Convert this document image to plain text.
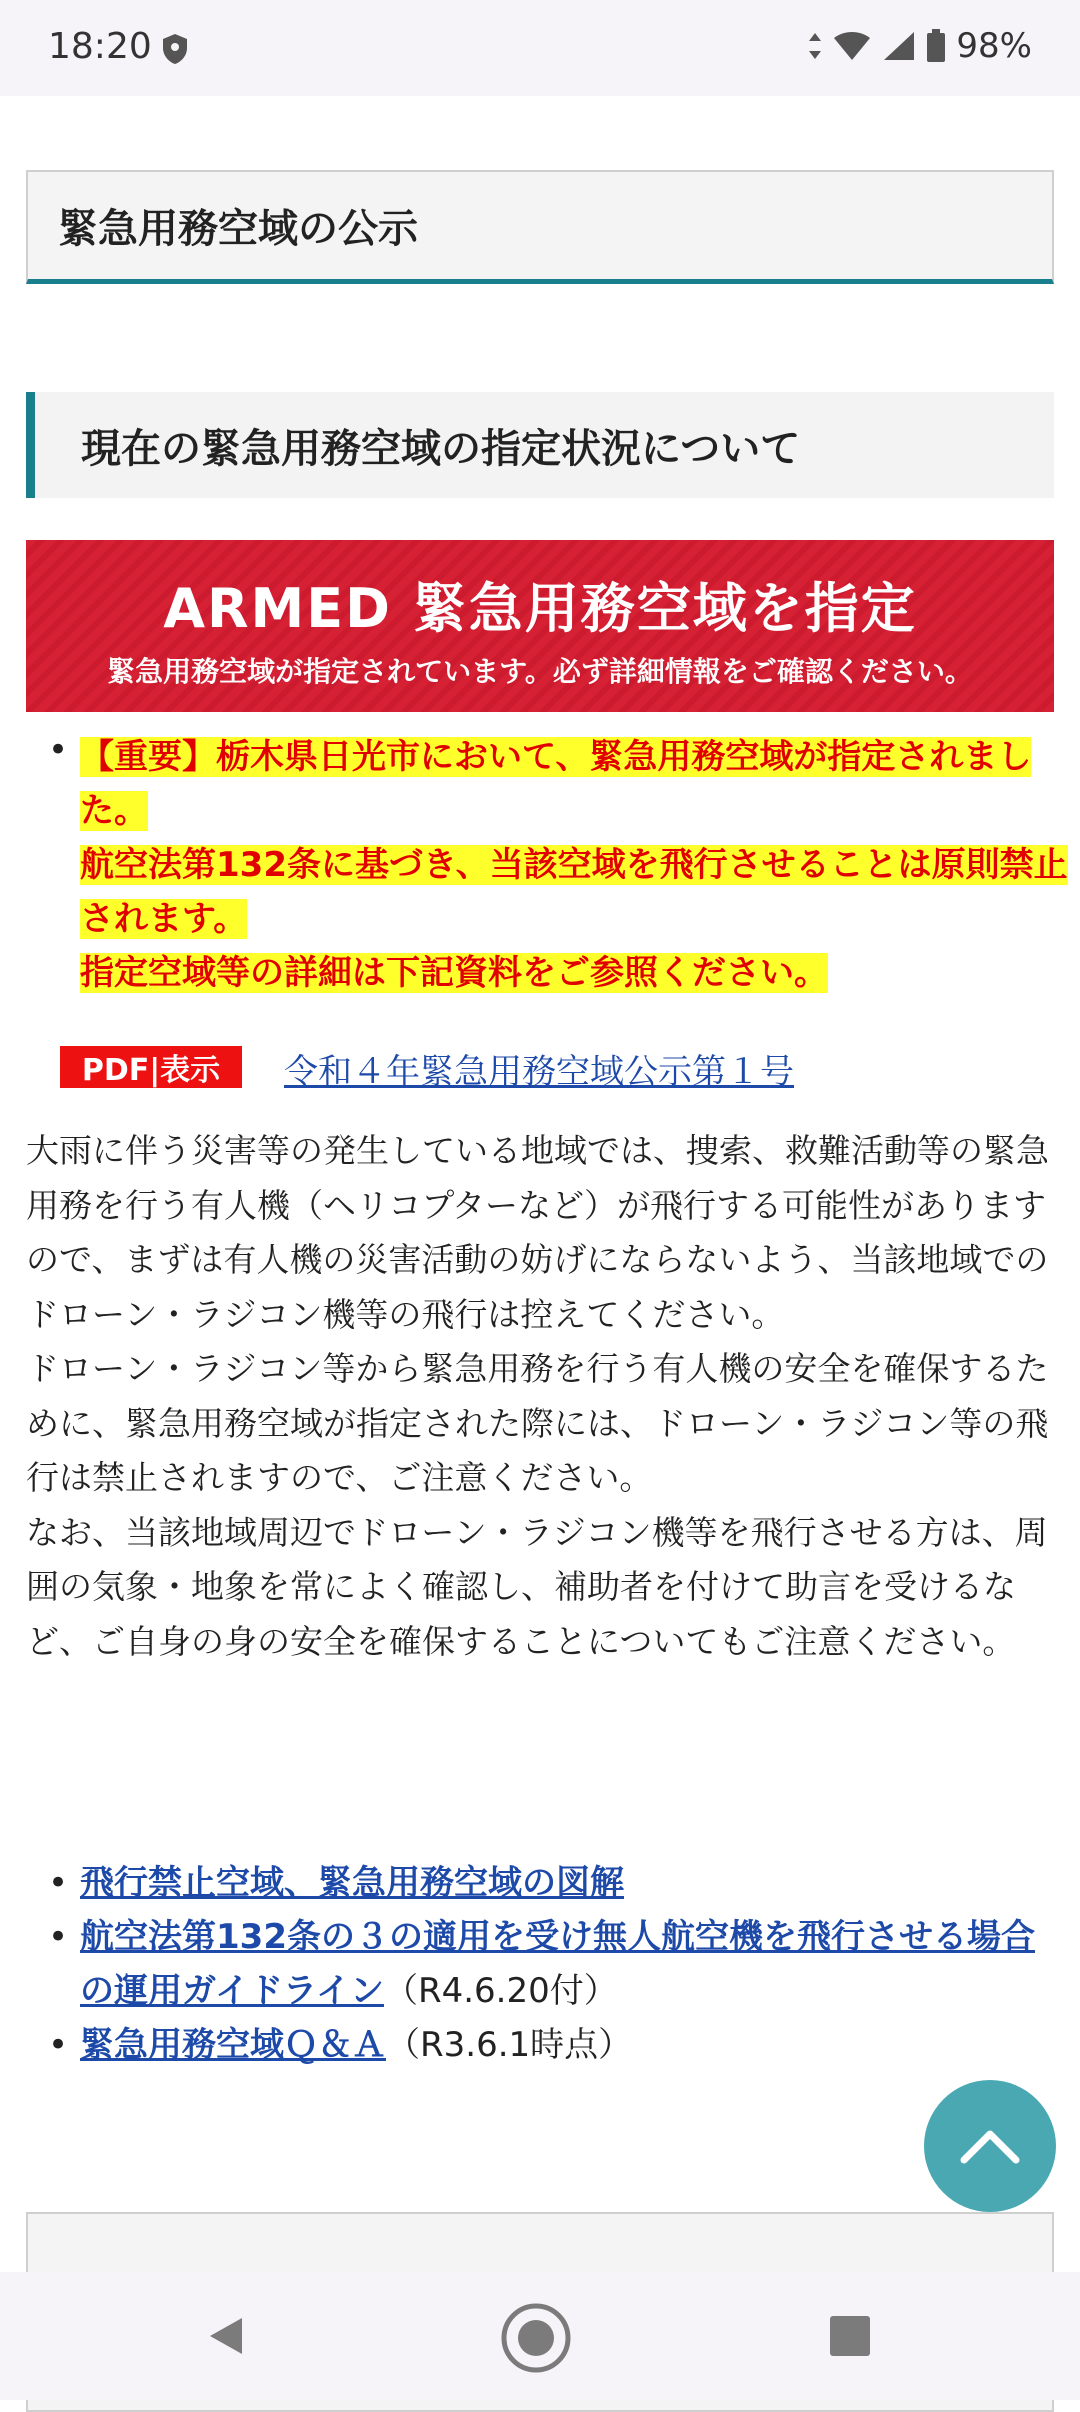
18:20	98%
緊急用務空域の公示
現在の緊急用務空域の指定状況について
ARMED 緊急用務空域を指定
緊急用務空域が指定されています。必ず詳細情報をご確認ください。
• 【重要】栃木県日光市において、緊急用務空域が指定されました。
航空法第132条に基づき、当該空域を飛行させることは原則禁止されます。
指定空域等の詳細は下記資料をご参照ください。
PDF|表示	令和４年緊急用務空域公示第１号
大雨に伴う災害等の発生している地域では、捜索、救難活動等の緊急用務を行う有人機（ヘリコプターなど）が飛行する可能性がありますので、まずは有人機の災害活動の妨げにならないよう、当該地域でのドローン・ラジコン機等の飛行は控えてください。
ドローン・ラジコン等から緊急用務を行う有人機の安全を確保するために、緊急用務空域が指定された際には、ドローン・ラジコン等の飛行は禁止されますので、ご注意ください。
なお、当該地域周辺でドローン・ラジコン機等を飛行させる方は、周囲の気象・地象を常によく確認し、補助者を付けて助言を受けるなど、ご自身の身の安全を確保することについてもご注意ください。
• 飛行禁止空域、緊急用務空域の図解
• 航空法第132条の３の適用を受け無人航空機を飛行させる場合の運用ガイドライン（R4.6.20付）
• 緊急用務空域Ｑ＆Ａ（R3.6.1時点）
